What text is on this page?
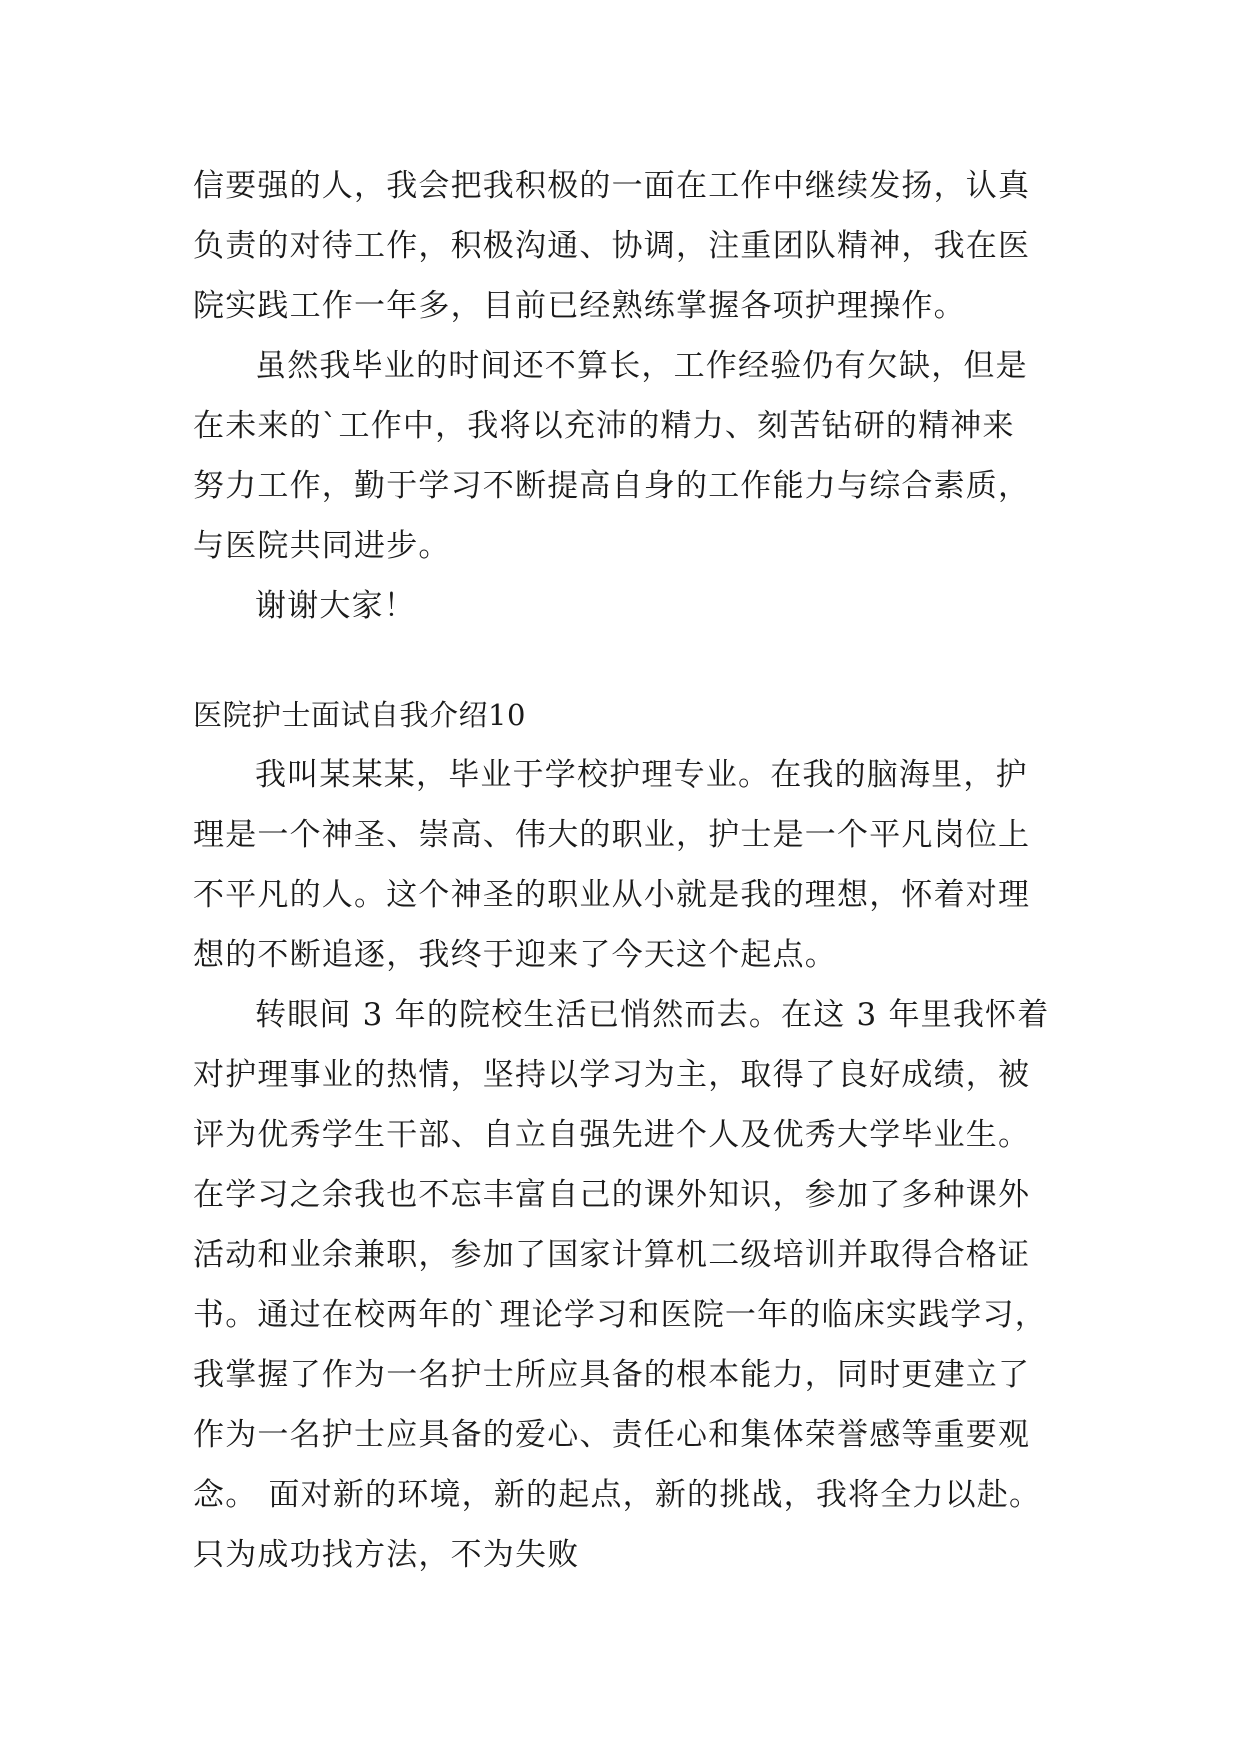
信要强的人，我会把我积极的一面在工作中继续发扬，认真
负责的对待工作，积极沟通、协调，注重团队精神，我在医
院实践工作一年多，目前已经熟练掌握各项护理操作。
虽然我毕业的时间还不算长，工作经验仍有欠缺，但是
在未来的`工作中，我将以充沛的精力、刻苦钻研的精神来
努力工作，勤于学习不断提高自身的工作能力与综合素质，
与医院共同进步。
谢谢大家！
医院护士面试自我介绍10
我叫某某某，毕业于学校护理专业。在我的脑海里，护
理是一个神圣、崇高、伟大的职业，护士是一个平凡岗位上
不平凡的人。这个神圣的职业从小就是我的理想，怀着对理
想的不断追逐，我终于迎来了今天这个起点。
转眼间 3 年的院校生活已悄然而去。在这 3 年里我怀着
对护理事业的热情，坚持以学习为主，取得了良好成绩，被
评为优秀学生干部、自立自强先进个人及优秀大学毕业生。
在学习之余我也不忘丰富自己的课外知识，参加了多种课外
活动和业余兼职，参加了国家计算机二级培训并取得合格证
书。通过在校两年的`理论学习和医院一年的临床实践学习，
我掌握了作为一名护士所应具备的根本能力，同时更建立了
作为一名护士应具备的爱心、责任心和集体荣誉感等重要观
念。 面对新的环境，新的起点，新的挑战，我将全力以赴。
只为成功找方法，不为失败
